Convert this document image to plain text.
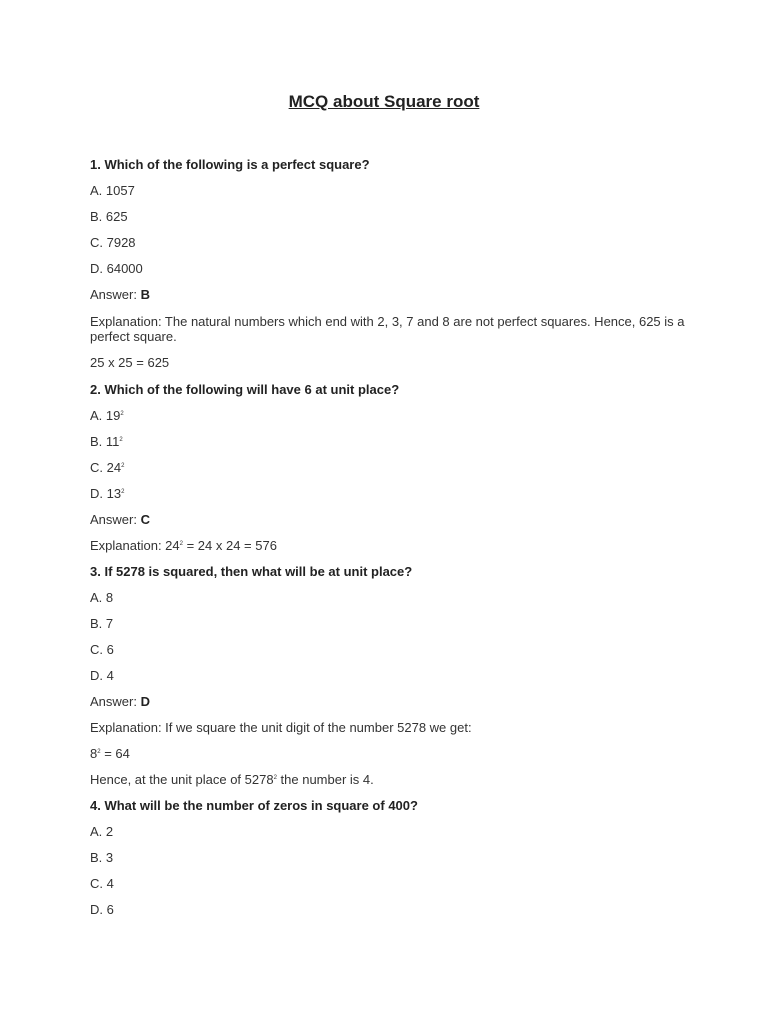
MCQ about Square root
1. Which of the following is a perfect square?
A. 1057
B. 625
C. 7928
D. 64000
Answer: B
Explanation: The natural numbers which end with 2, 3, 7 and 8 are not perfect squares. Hence, 625 is a perfect square.
25 x 25 = 625
2. Which of the following will have 6 at unit place?
A. $19^2$
B. $11^2$
C. $24^2$
D. $13^2$
Answer: C
Explanation: $24^2 = 24$ x 24 = 576
3. If 5278 is squared, then what will be at unit place?
A. 8
B. 7
C. 6
D. 4
Answer: D
Explanation: If we square the unit digit of the number 5278 we get:
$8^2 = 64$
Hence, at the unit place of 5278$^2$ the number is 4.
4. What will be the number of zeros in square of 400?
A. 2
B. 3
C. 4
D. 6
